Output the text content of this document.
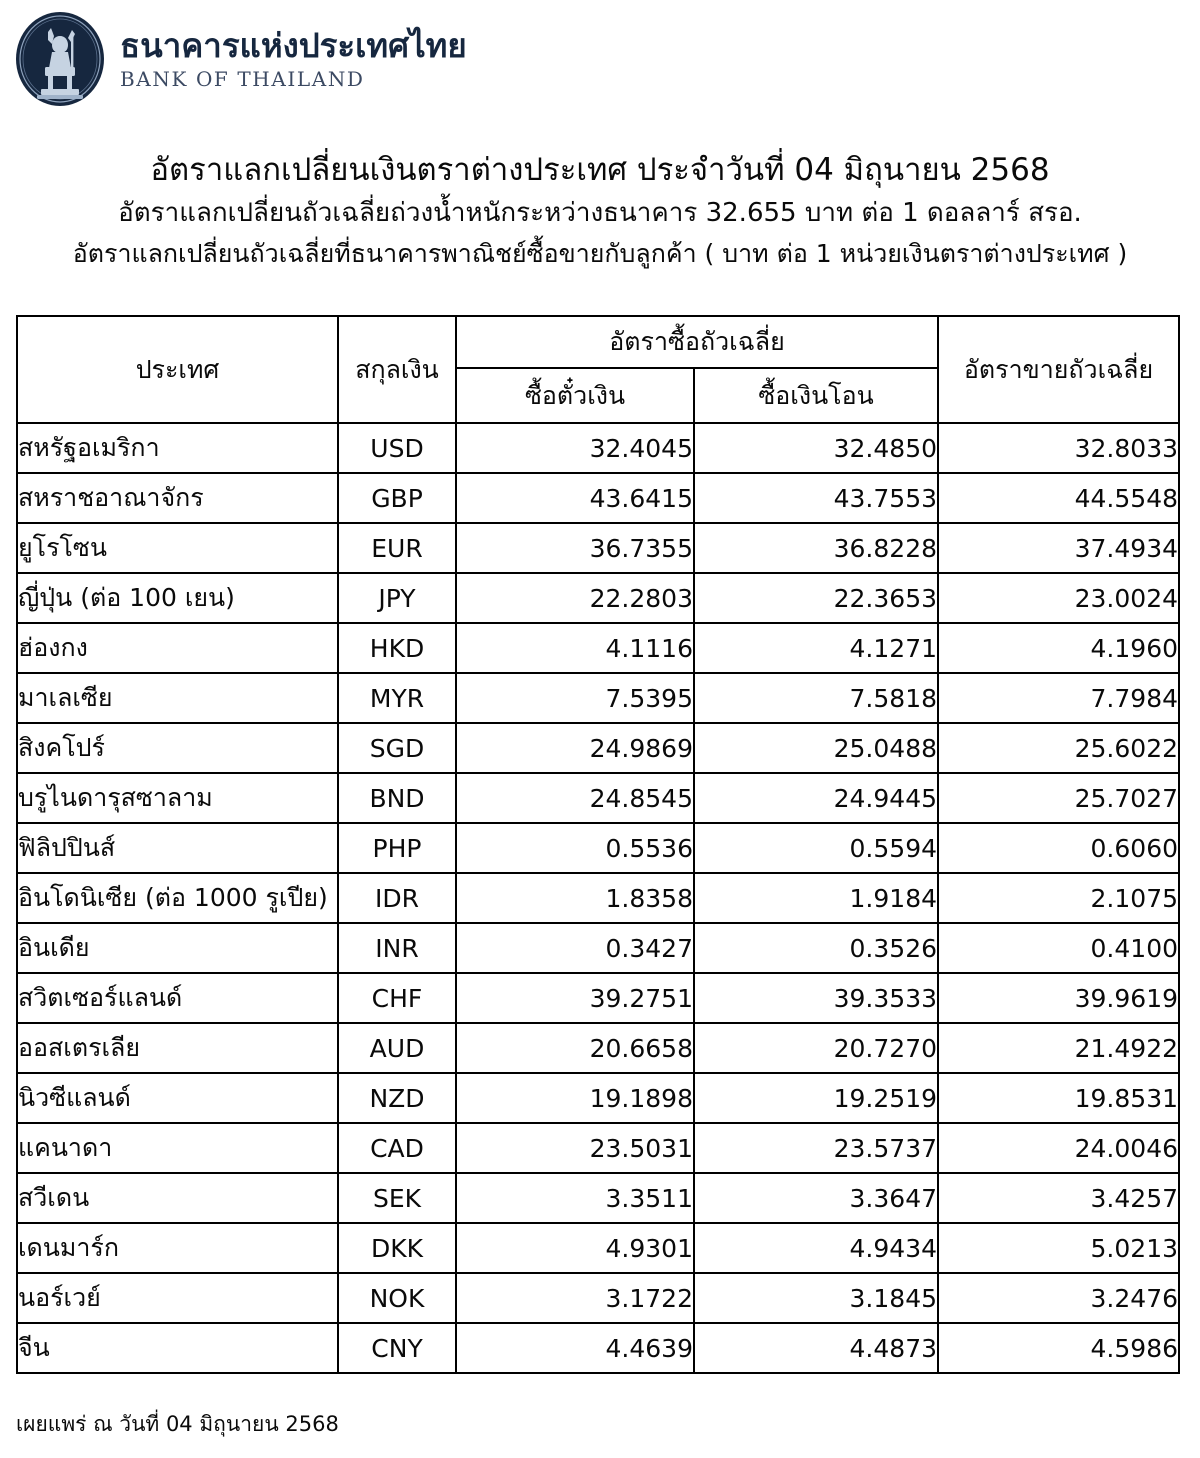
ธนาคารแห่งประเทศไทย
BANK OF THAILAND
อัตราแลกเปลี่ยนเงินตราต่างประเทศ ประจำวันที่ 04 มิถุนายน 2568
อัตราแลกเปลี่ยนถัวเฉลี่ยถ่วงน้ำหนักระหว่างธนาคาร 32.655 บาท ต่อ 1 ดอลลาร์ สรอ.
อัตราแลกเปลี่ยนถัวเฉลี่ยที่ธนาคารพาณิชย์ซื้อขายกับลูกค้า ( บาท ต่อ 1 หน่วยเงินตราต่างประเทศ )
ประเทศ	สกุลเงิน	อัตราซื้อถัวเฉลี่ย		อัตราขายถัวเฉลี่ย
		ซื้อตั๋วเงิน	ซื้อเงินโอน	
สหรัฐอเมริกา	USD	32.4045	32.4850	32.8033
สหราชอาณาจักร	GBP	43.6415	43.7553	44.5548
ยูโรโซน	EUR	36.7355	36.8228	37.4934
ญี่ปุ่น (ต่อ 100 เยน)	JPY	22.2803	22.3653	23.0024
ฮ่องกง	HKD	4.1116	4.1271	4.1960
มาเลเซีย	MYR	7.5395	7.5818	7.7984
สิงคโปร์	SGD	24.9869	25.0488	25.6022
บรูไนดารุสซาลาม	BND	24.8545	24.9445	25.7027
ฟิลิปปินส์	PHP	0.5536	0.5594	0.6060
อินโดนิเซีย (ต่อ 1000 รูเปีย)	IDR	1.8358	1.9184	2.1075
อินเดีย	INR	0.3427	0.3526	0.4100
สวิตเซอร์แลนด์	CHF	39.2751	39.3533	39.9619
ออสเตรเลีย	AUD	20.6658	20.7270	21.4922
นิวซีแลนด์	NZD	19.1898	19.2519	19.8531
แคนาดา	CAD	23.5031	23.5737	24.0046
สวีเดน	SEK	3.3511	3.3647	3.4257
เดนมาร์ก	DKK	4.9301	4.9434	5.0213
นอร์เวย์	NOK	3.1722	3.1845	3.2476
จีน	CNY	4.4639	4.4873	4.5986
เผยแพร่ ณ วันที่ 04 มิถุนายน 2568
